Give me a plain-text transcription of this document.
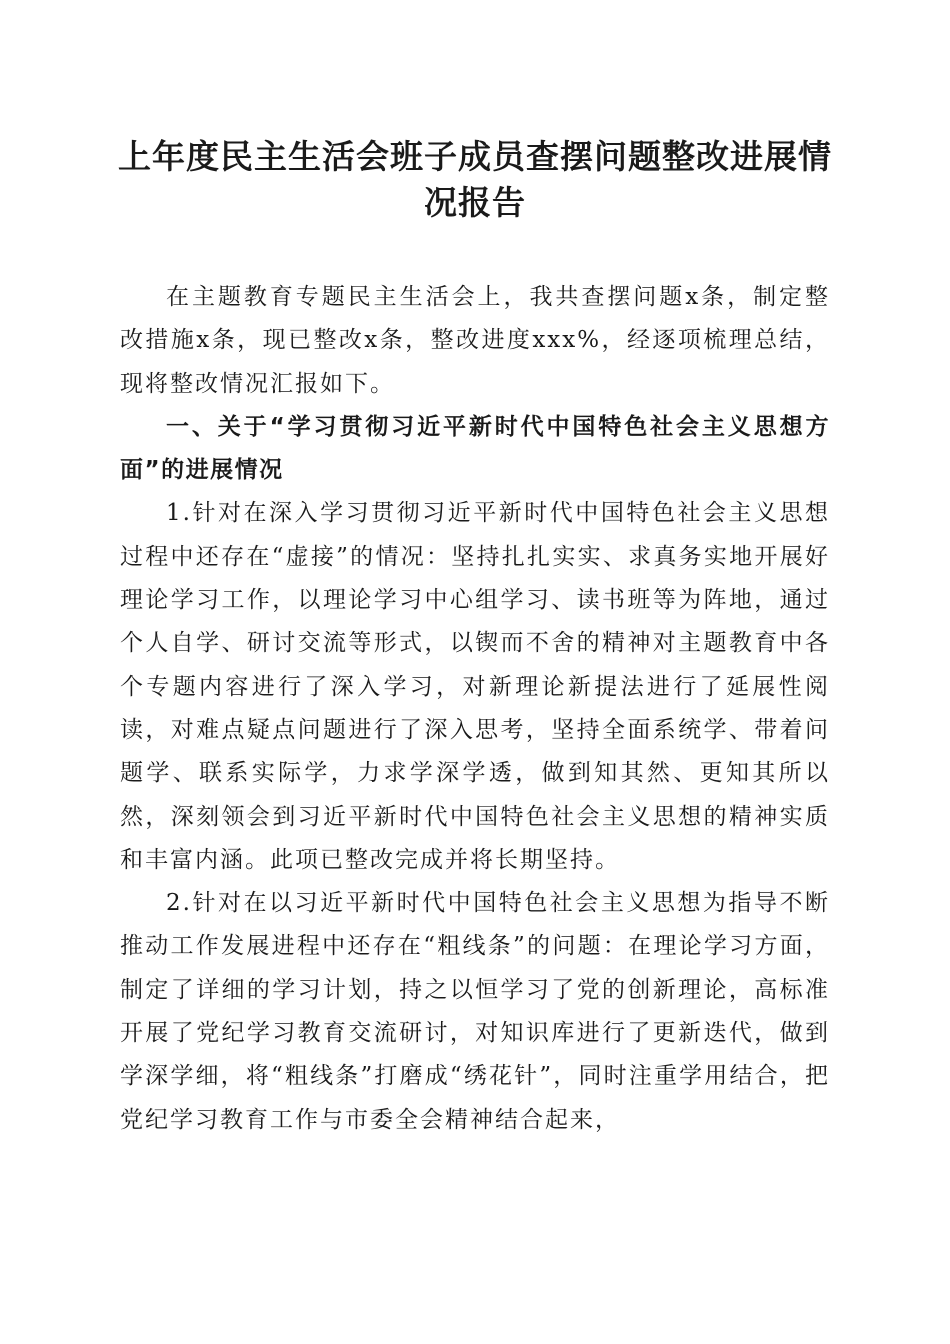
上年度民主生活会班子成员查摆问题整改进展情况报告

在主题教育专题民主生活会上，我共查摆问题x条，制定整改措施x条，现已整改x条，整改进度xxx%，经逐项梳理总结，现将整改情况汇报如下。

一、关于“学习贯彻习近平新时代中国特色社会主义思想方面”的进展情况

1.针对在深入学习贯彻习近平新时代中国特色社会主义思想过程中还存在“虚接”的情况：坚持扎扎实实、求真务实地开展好理论学习工作，以理论学习中心组学习、读书班等为阵地，通过个人自学、研讨交流等形式，以锲而不舍的精神对主题教育中各个专题内容进行了深入学习，对新理论新提法进行了延展性阅读，对难点疑点问题进行了深入思考，坚持全面系统学、带着问题学、联系实际学，力求学深学透，做到知其然、更知其所以然，深刻领会到习近平新时代中国特色社会主义思想的精神实质和丰富内涵。此项已整改完成并将长期坚持。

2.针对在以习近平新时代中国特色社会主义思想为指导不断推动工作发展进程中还存在“粗线条”的问题：在理论学习方面，制定了详细的学习计划，持之以恒学习了党的创新理论，高标准开展了党纪学习教育交流研讨，对知识库进行了更新迭代，做到学深学细，将“粗线条”打磨成“绣花针”，同时注重学用结合，把党纪学习教育工作与市委全会精神结合起来，
